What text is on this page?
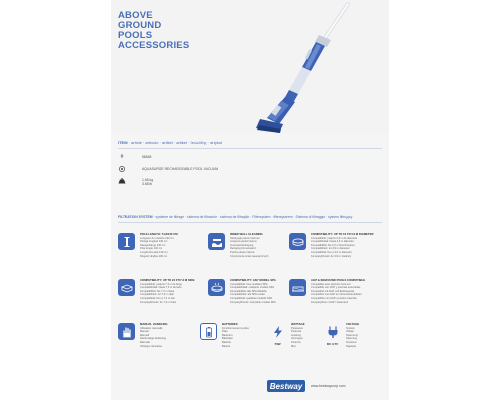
ABOVE
GROUND
POOLS
ACCESSORIES
ITEM · article · artículo · artikel · artikel · Ιτνώλθης · artykuł
#	58648
AQUASURGE RECHARGEABLE POOL VACUUM
1.66 kg
3.68 lb
FILTRATION SYSTEM · système de filtrage · sistema de filtración · sistema de filtração · Filtersystem · filtersysteem · Sistema di filtraggio · system filtrujący
POLE LENGTH: 74,8/130 CM
Longueur du manche 130 cm
Pértiga longitud 130 cm
Stangenlänge 130 cm
Pole lengte 130 cm
Lunghezza asta 130 cm
Długość drążka 130 cm
INNER WALL CLEANING
Nettoyage parois internes
Limpieza pared interna
Innenwandreinigung
Reiniging binnenwand
Pulizia parete interna
Czyszczenie ścian wewnętrznych
COMPATIBILITY: UP TO 16 FT/4.9 M DIAMETER
Compatibilité: jusqu'à 4,9 m de diamètre
Compatibilidad: hasta 4,9 m diámetro
Kompatibilität: bis 4,9 m Durchmesser
Compatibiliteit: tot 4,9 m diameter
Compatibilità: fino a 4,9 m diametro
Kompatybilność: do 4,9 m średnicy
COMPATIBILITY: UP TO 24 FT/7.3 M SIDE
Compatibilité: jusqu'à 7,3 m de large
Compatibilidad: hasta 7,3 m de lado
Kompatibilität: bis 7,3 m Seite
Compatibiliteit: tot 7,3 m zijde
Compatibilità: fino a 7,3 m lato
Kompatybilność: do 7,3 m boku
COMPATIBILITY: ANY MODEL SPA
Compatibilité: tous modèles SPA
Compatibilidad: cualquier modelo SPA
Kompatibilität: alle SPA-Modelle
Compatibiliteit: elk SPA-model
Compatibilità: qualsiasi modello SPA
Kompatybilność: wszystkie modele SPA
AGP & INGROUND POOLS COMPATIBLE
Compatible avec piscines hors-sol
Compatible con AGP y piscinas enterradas
Kompatibel mit AGP und Einbaupools
Compatibel met AGP en inbouwzwembaden
Compatibile con AGP e piscine interrate
Kompatybilne z AGP i basenami
MANUAL HANDLING
Utilisation manuelle
Manual
Manuell
Handmatige bediening
Manuale
Obsługa manualna
BATTERIES
Fonctionnement à piles
Pilas
Batterien
Batterijen
Batterie
Baterie
70W
WATTAGE
Puissance
Potencia
Leistung
Vermogen
Potenza
Moc
DC 3.7V
VOLTAGE
Tension
Voltaje
Spannung
Spanning
Tensione
Napięcie
Bestway	www.bestwaycorp.com
